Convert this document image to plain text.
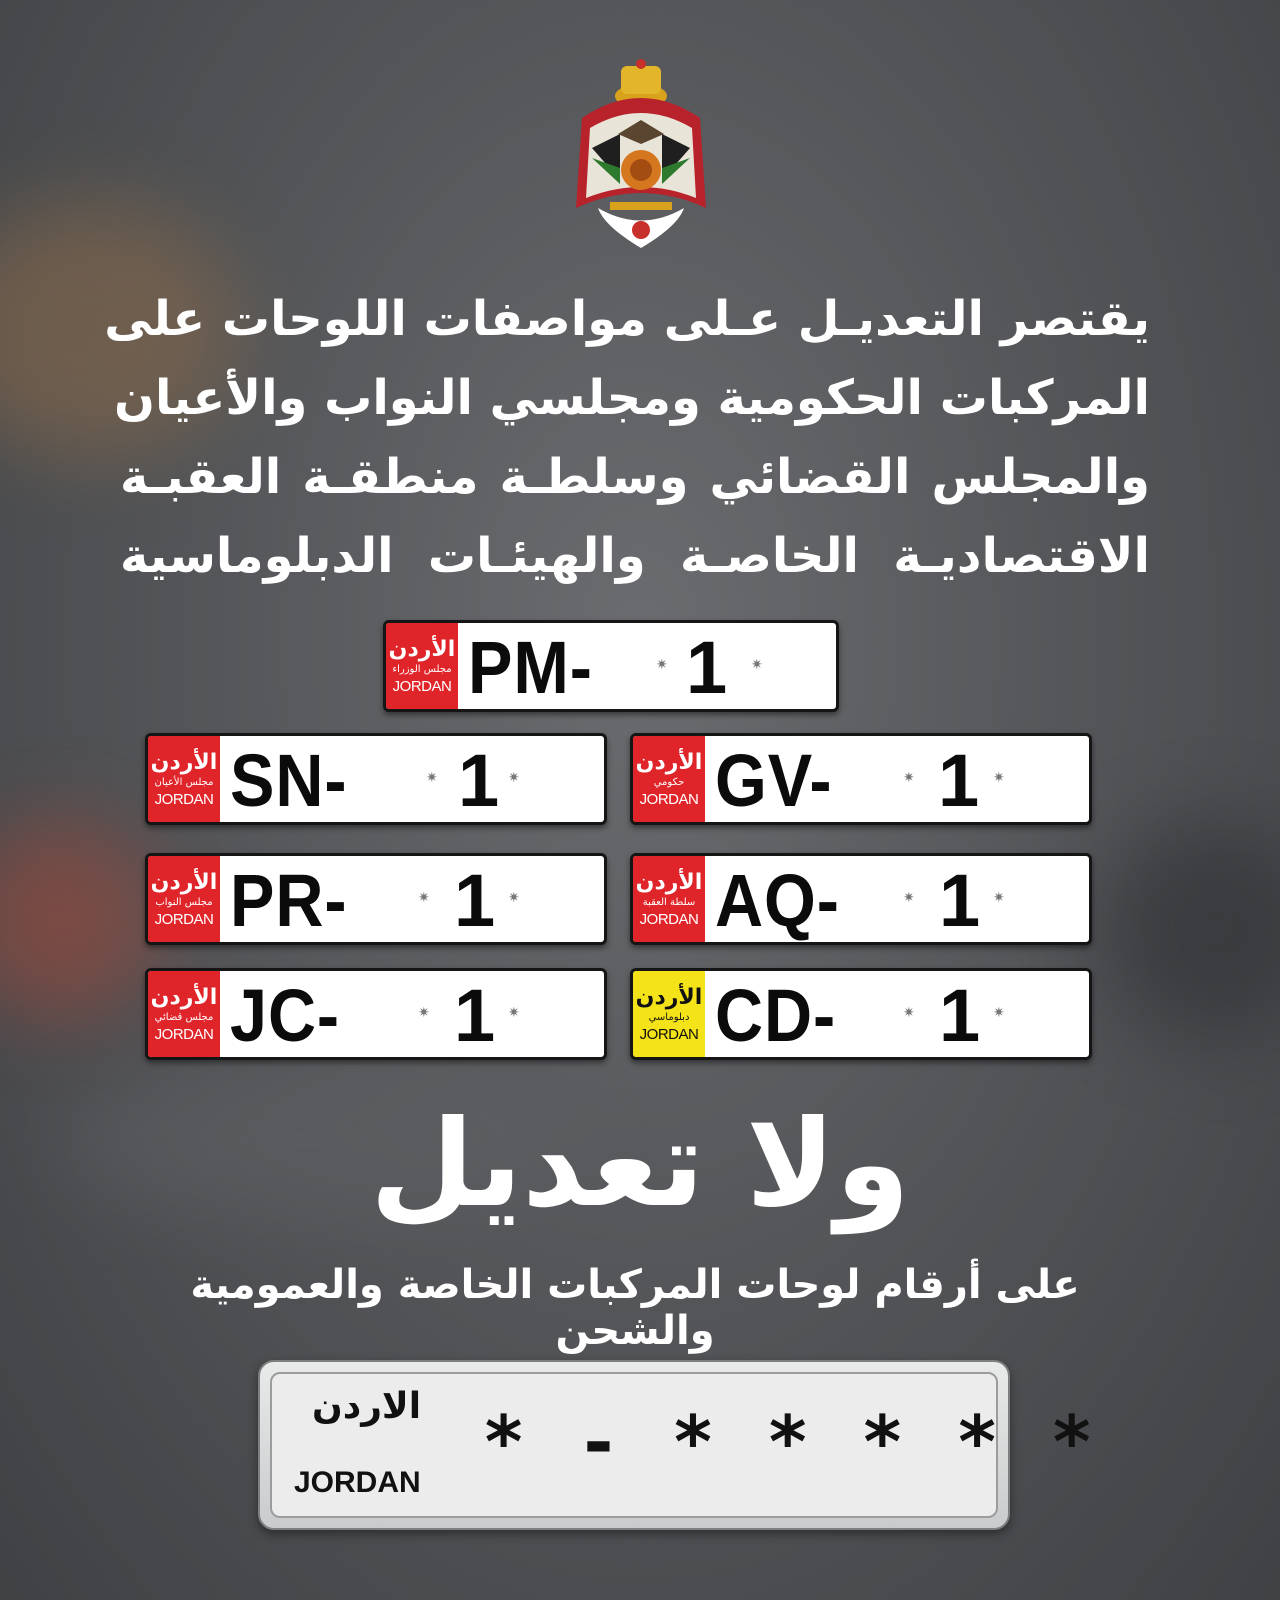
يقتصر التعديـل عـلى مواصفات اللوحات على
المركبات الحكومية ومجلسي النواب والأعيان
والمجلس القضائي وسلطـة منطقـة العقبـة
الاقتصاديـة الخاصـة والهيئـات الدبلوماسية
الأردن
مجلس الوزراء
JORDAN PM-	✷ 1 ✷
الأردن
مجلس الأعيان
JORDAN SN-	✷ 1 ✷
الأردن
حكومي
JORDAN GV-	✷ 1 ✷
الأردن
مجلس النواب
JORDAN PR-	✷ 1 ✷
الأردن
سلطة العقبة
JORDAN AQ-	✷ 1 ✷
الأردن
مجلس قضائي
JORDAN JC-	✷ 1 ✷
الأردن
دبلوماسي
JORDAN CD-	✷ 1 ✷
ولا تعديل
على أرقام لوحات المركبات الخاصة والعمومية والشحن
الاردن
JORDAN * - * * * * *
